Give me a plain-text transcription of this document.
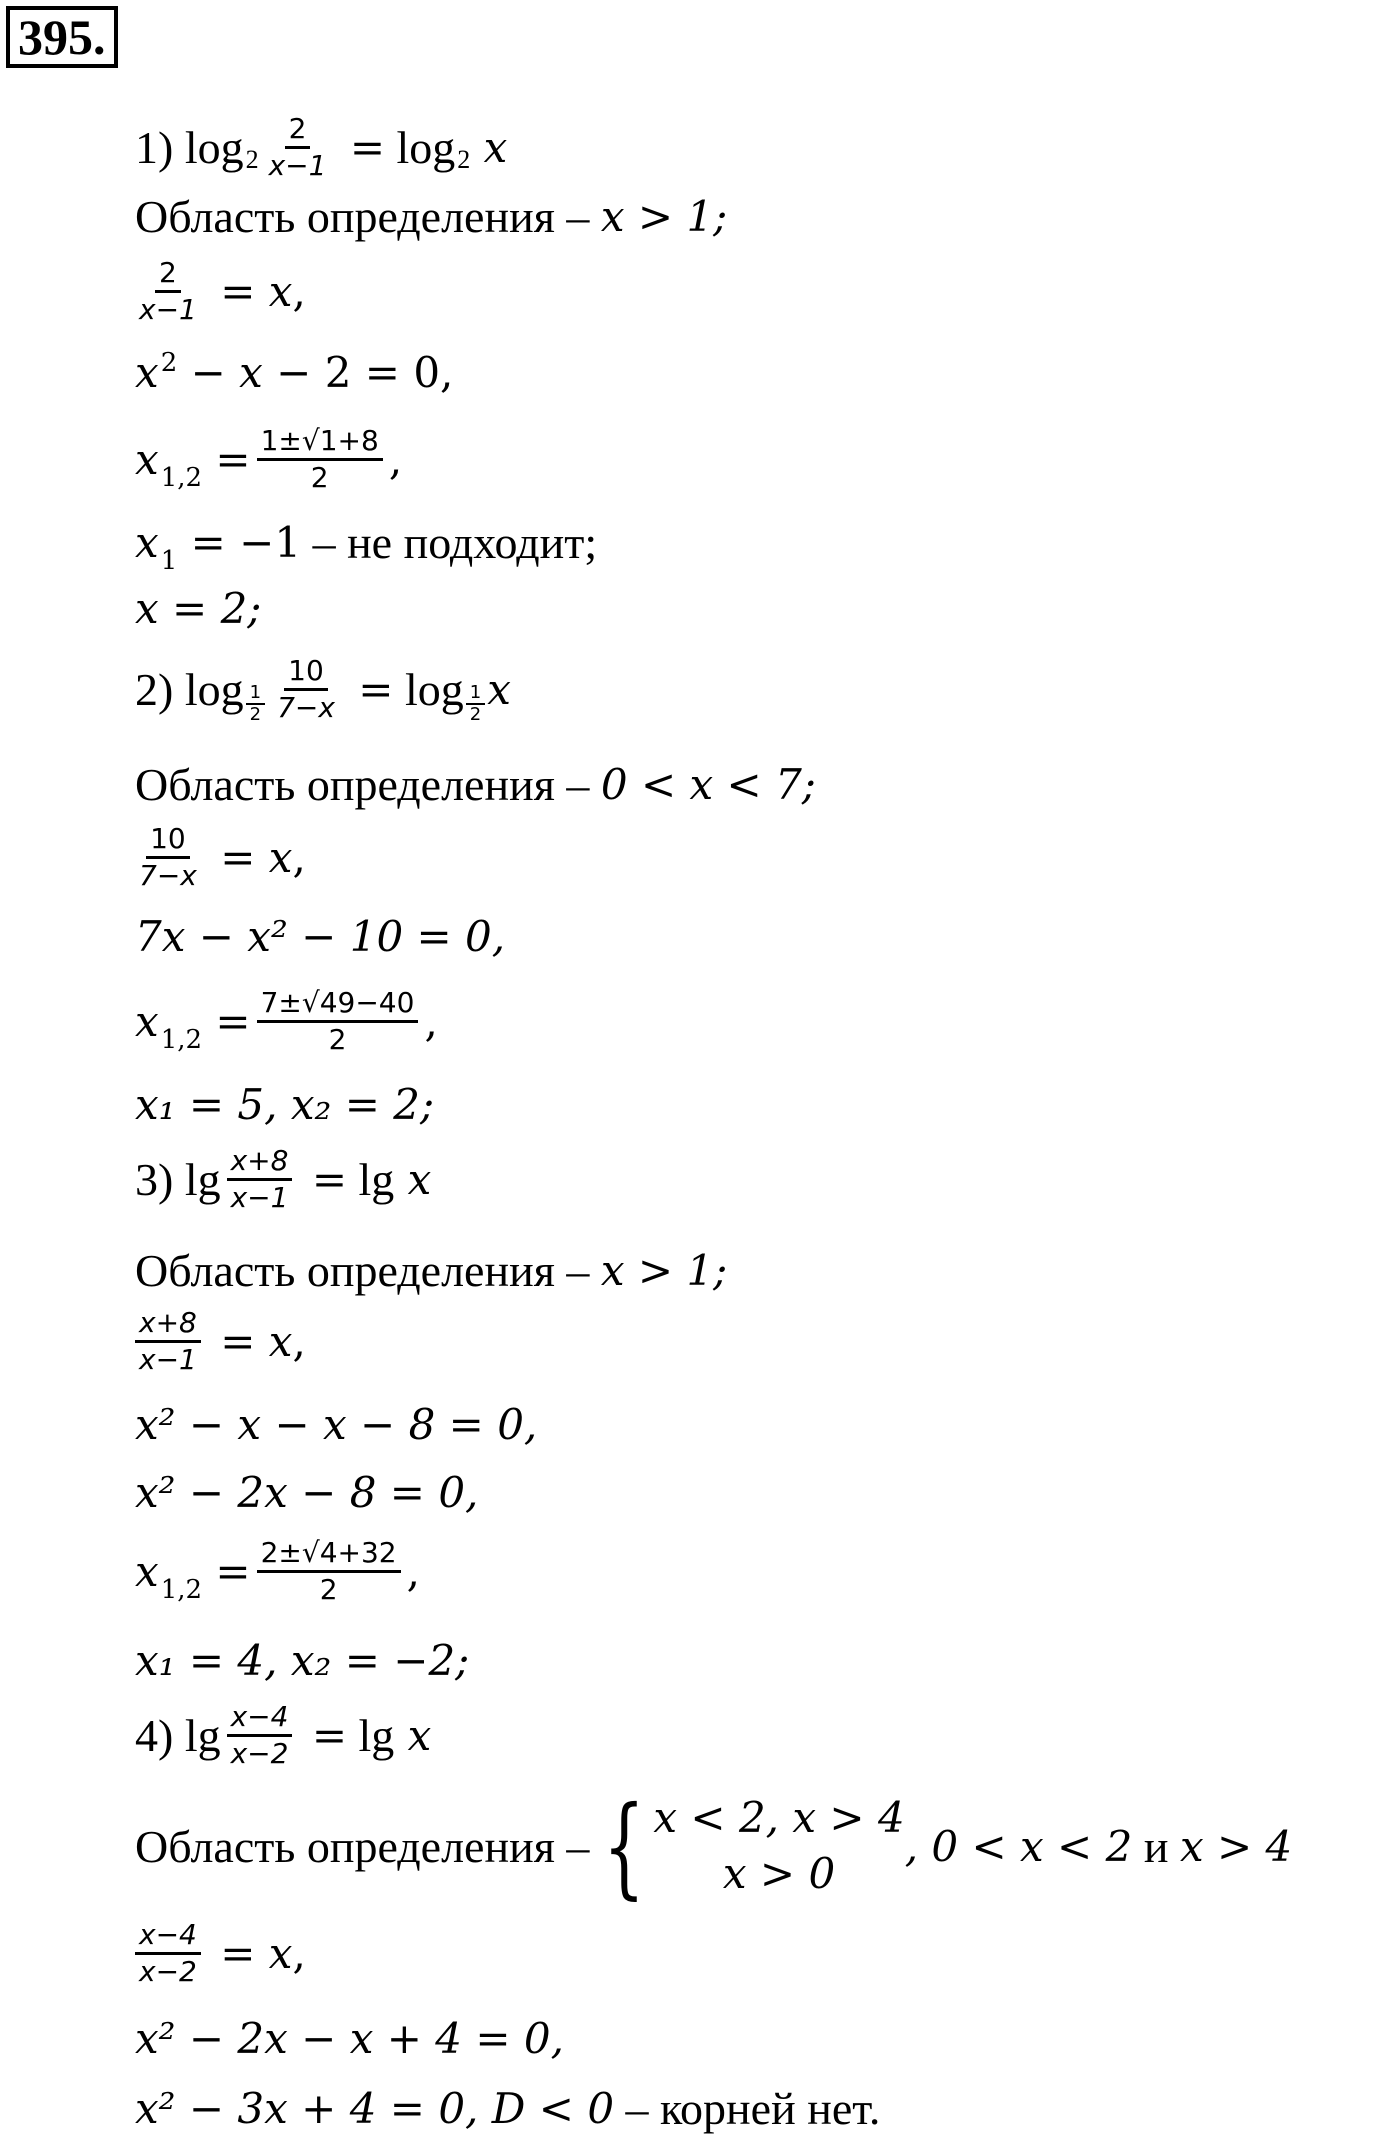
395.
1)
$\log 2 \frac{2}{x-1} = \log 2$ x
Область определения –
x > 1;
$\frac{2}{x-1} = x$,
$x^2 - x - 2 = 0$,
$x_{1,2} = \frac{1\pm√1+8}{2}$ ,
$x_1 = -1$
– не подходит;
x = 2;
2)
log 1
$2 \frac{10}{7-x} = \log 1$
2 x
Область определения –
0 < x < 7;
$\frac{10}{7-x} = x$,
7x − x² − 10 = 0,
$x_{1,2} = \frac{7\pm√49-40}{2}$ ,
x₁ = 5, x₂ = 2;
3)
$\lg \frac{x+8}{x-1} = \lg x$
Область определения –
x > 1;
$\frac{x+8}{x-1} = x$,
x² − x − x − 8 = 0,
x² − 2x − 8 = 0,
$x_{1,2} = \frac{2\pm√4+32}{2}$ ,
x₁ = 4, x₂ = −2;
4)
$\lg \frac{x-4}{x-2} = \lg x$
Область определения – { x < 2, x > 4
x > 0
, 0 < x < 2
и
x > 4
$\frac{x-4}{x-2} = x$,
x² − 2x − x + 4 = 0,
x² − 3x + 4 = 0, D < 0
– корней нет.
